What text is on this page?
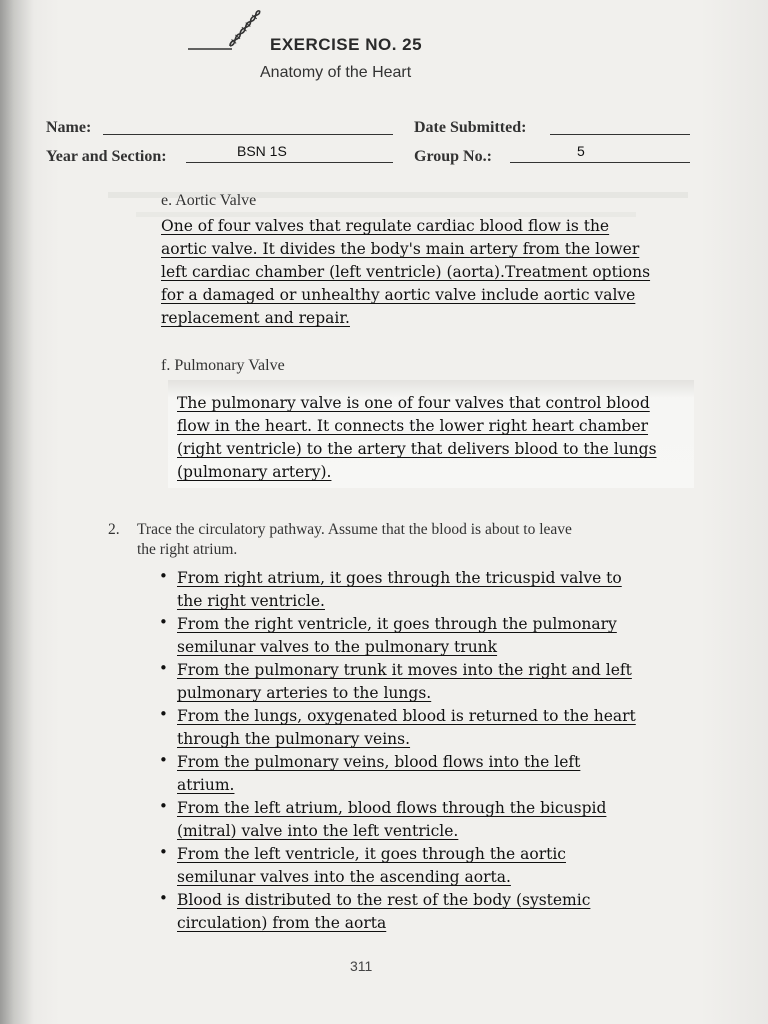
EXERCISE NO. 25
Anatomy of the Heart
Name:	Date Submitted:
Year and Section:	BSN 1S	Group No.:	5
e. Aortic Valve

One of four valves that regulate cardiac blood flow is the

aortic valve. It divides the body's main artery from the lower

left cardiac chamber (left ventricle) (aorta).Treatment options

for a damaged or unhealthy aortic valve include aortic valve

replacement and repair.

f. Pulmonary Valve

The pulmonary valve is one of four valves that control blood

flow in the heart. It connects the lower right heart chamber

(right ventricle) to the artery that delivers blood to the lungs

(pulmonary artery).

2. Trace the circulatory pathway. Assume that the blood is about to leave
the right atrium.
• From right atrium, it goes through the tricuspid valve to

the right ventricle.

• From the right ventricle, it goes through the pulmonary

semilunar valves to the pulmonary trunk

• From the pulmonary trunk it moves into the right and left

pulmonary arteries to the lungs.

• From the lungs, oxygenated blood is returned to the heart

through the pulmonary veins.

• From the pulmonary veins, blood flows into the left

atrium.

• From the left atrium, blood flows through the bicuspid

(mitral) valve into the left ventricle.

• From the left ventricle, it goes through the aortic

semilunar valves into the ascending aorta.

• Blood is distributed to the rest of the body (systemic

circulation) from the aorta

311
